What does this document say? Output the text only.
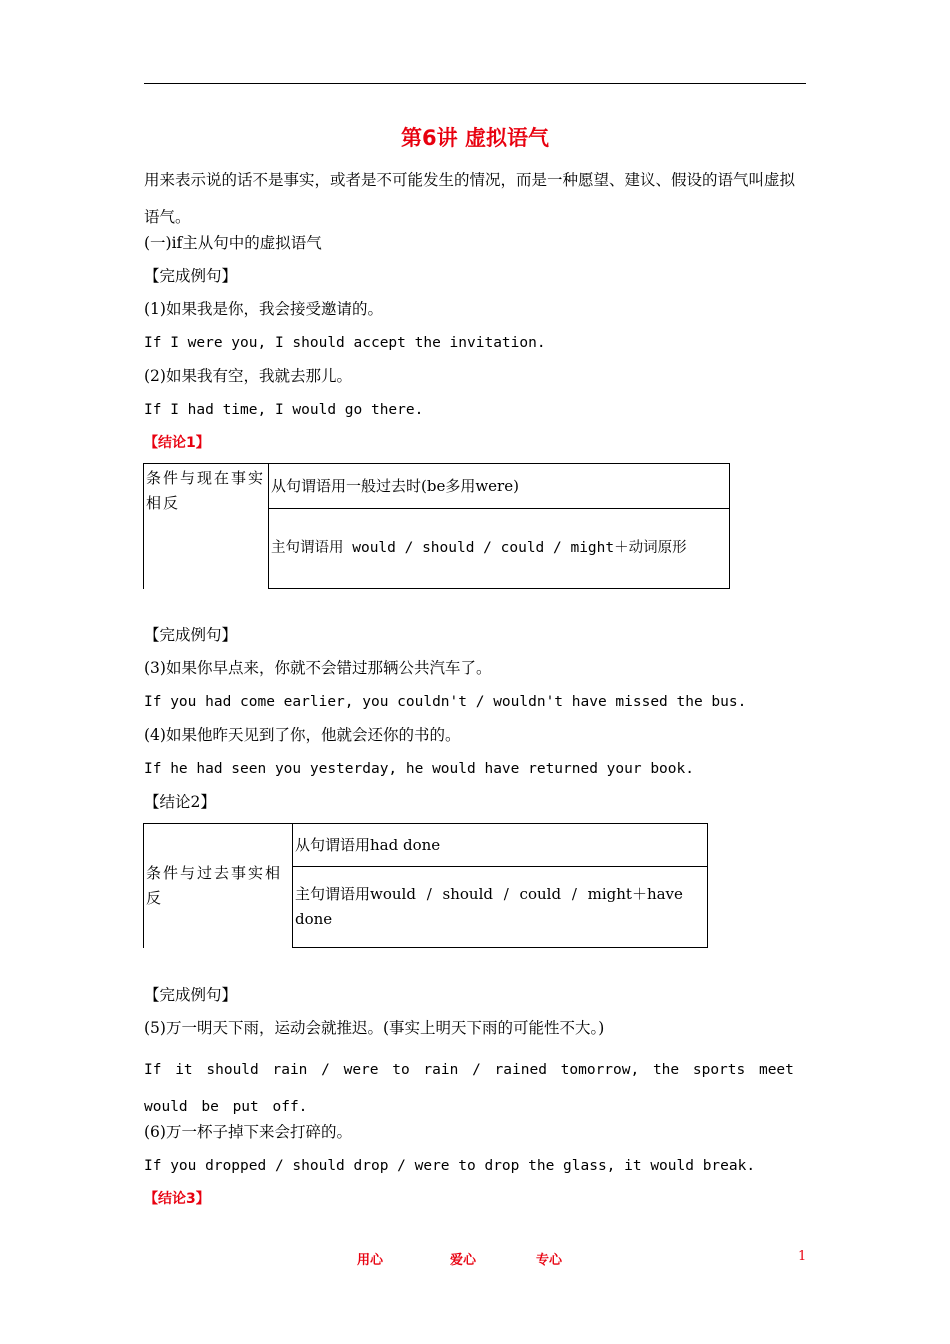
第6讲 虚拟语气
用来表示说的话不是事实，或者是不可能发生的情况，而是一种愿望、建议、假设的语气叫虚拟语气。
(一)if主从句中的虚拟语气
【完成例句】
(1)如果我是你，我会接受邀请的。
If I were you, I should accept the invitation.
(2)如果我有空，我就去那儿。
If I had time, I would go there.
【结论1】
条件与现在事实相反

从句谓语用一般过去时(be多用were)

主句谓语用 would / should / could / might＋动词原形
【完成例句】
(3)如果你早点来，你就不会错过那辆公共汽车了。
If you had come earlier, you couldn't / wouldn't have missed the bus.
(4)如果他昨天见到了你，他就会还你的书的。
If he had seen you yesterday, he would have returned your book.
【结论2】
条件与过去事实相反

从句谓语用had done

主句谓语用would / should / could / might＋have done
【完成例句】
(5)万一明天下雨，运动会就推迟。(事实上明天下雨的可能性不大。)
If it should rain / were to rain / rained tomorrow, the sports meet would be put off.
(6)万一杯子掉下来会打碎的。
If you dropped / should drop / were to drop the glass, it would break.
【结论3】
用心	爱心	专心	1
